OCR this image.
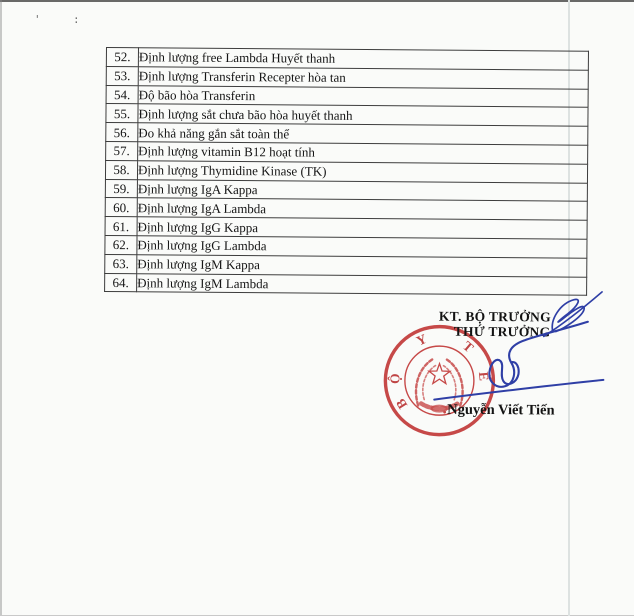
'	:
52.	Định lượng free Lambda Huyết thanh
53.	Định lượng Transferin Recepter hòa tan
54.	Độ bão hòa Transferin
55.	Định lượng sắt chưa bão hòa huyết thanh
56.	Đo khả năng gắn sắt toàn thể
57.	Định lượng vitamin B12 hoạt tính
58.	Định lượng Thymidine Kinase (TK)
59.	Định lượng IgA Kappa
60.	Định lượng IgA Lambda
61.	Định lượng IgG Kappa
62.	Định lượng IgG Lambda
63.	Định lượng IgM Kappa
64.	Định lượng IgM Lambda
KT. BỘ TRƯỞNG
THỨ TRƯỞNG
Nguyễn Viết Tiến
B
Ộ
Y T
Ế
